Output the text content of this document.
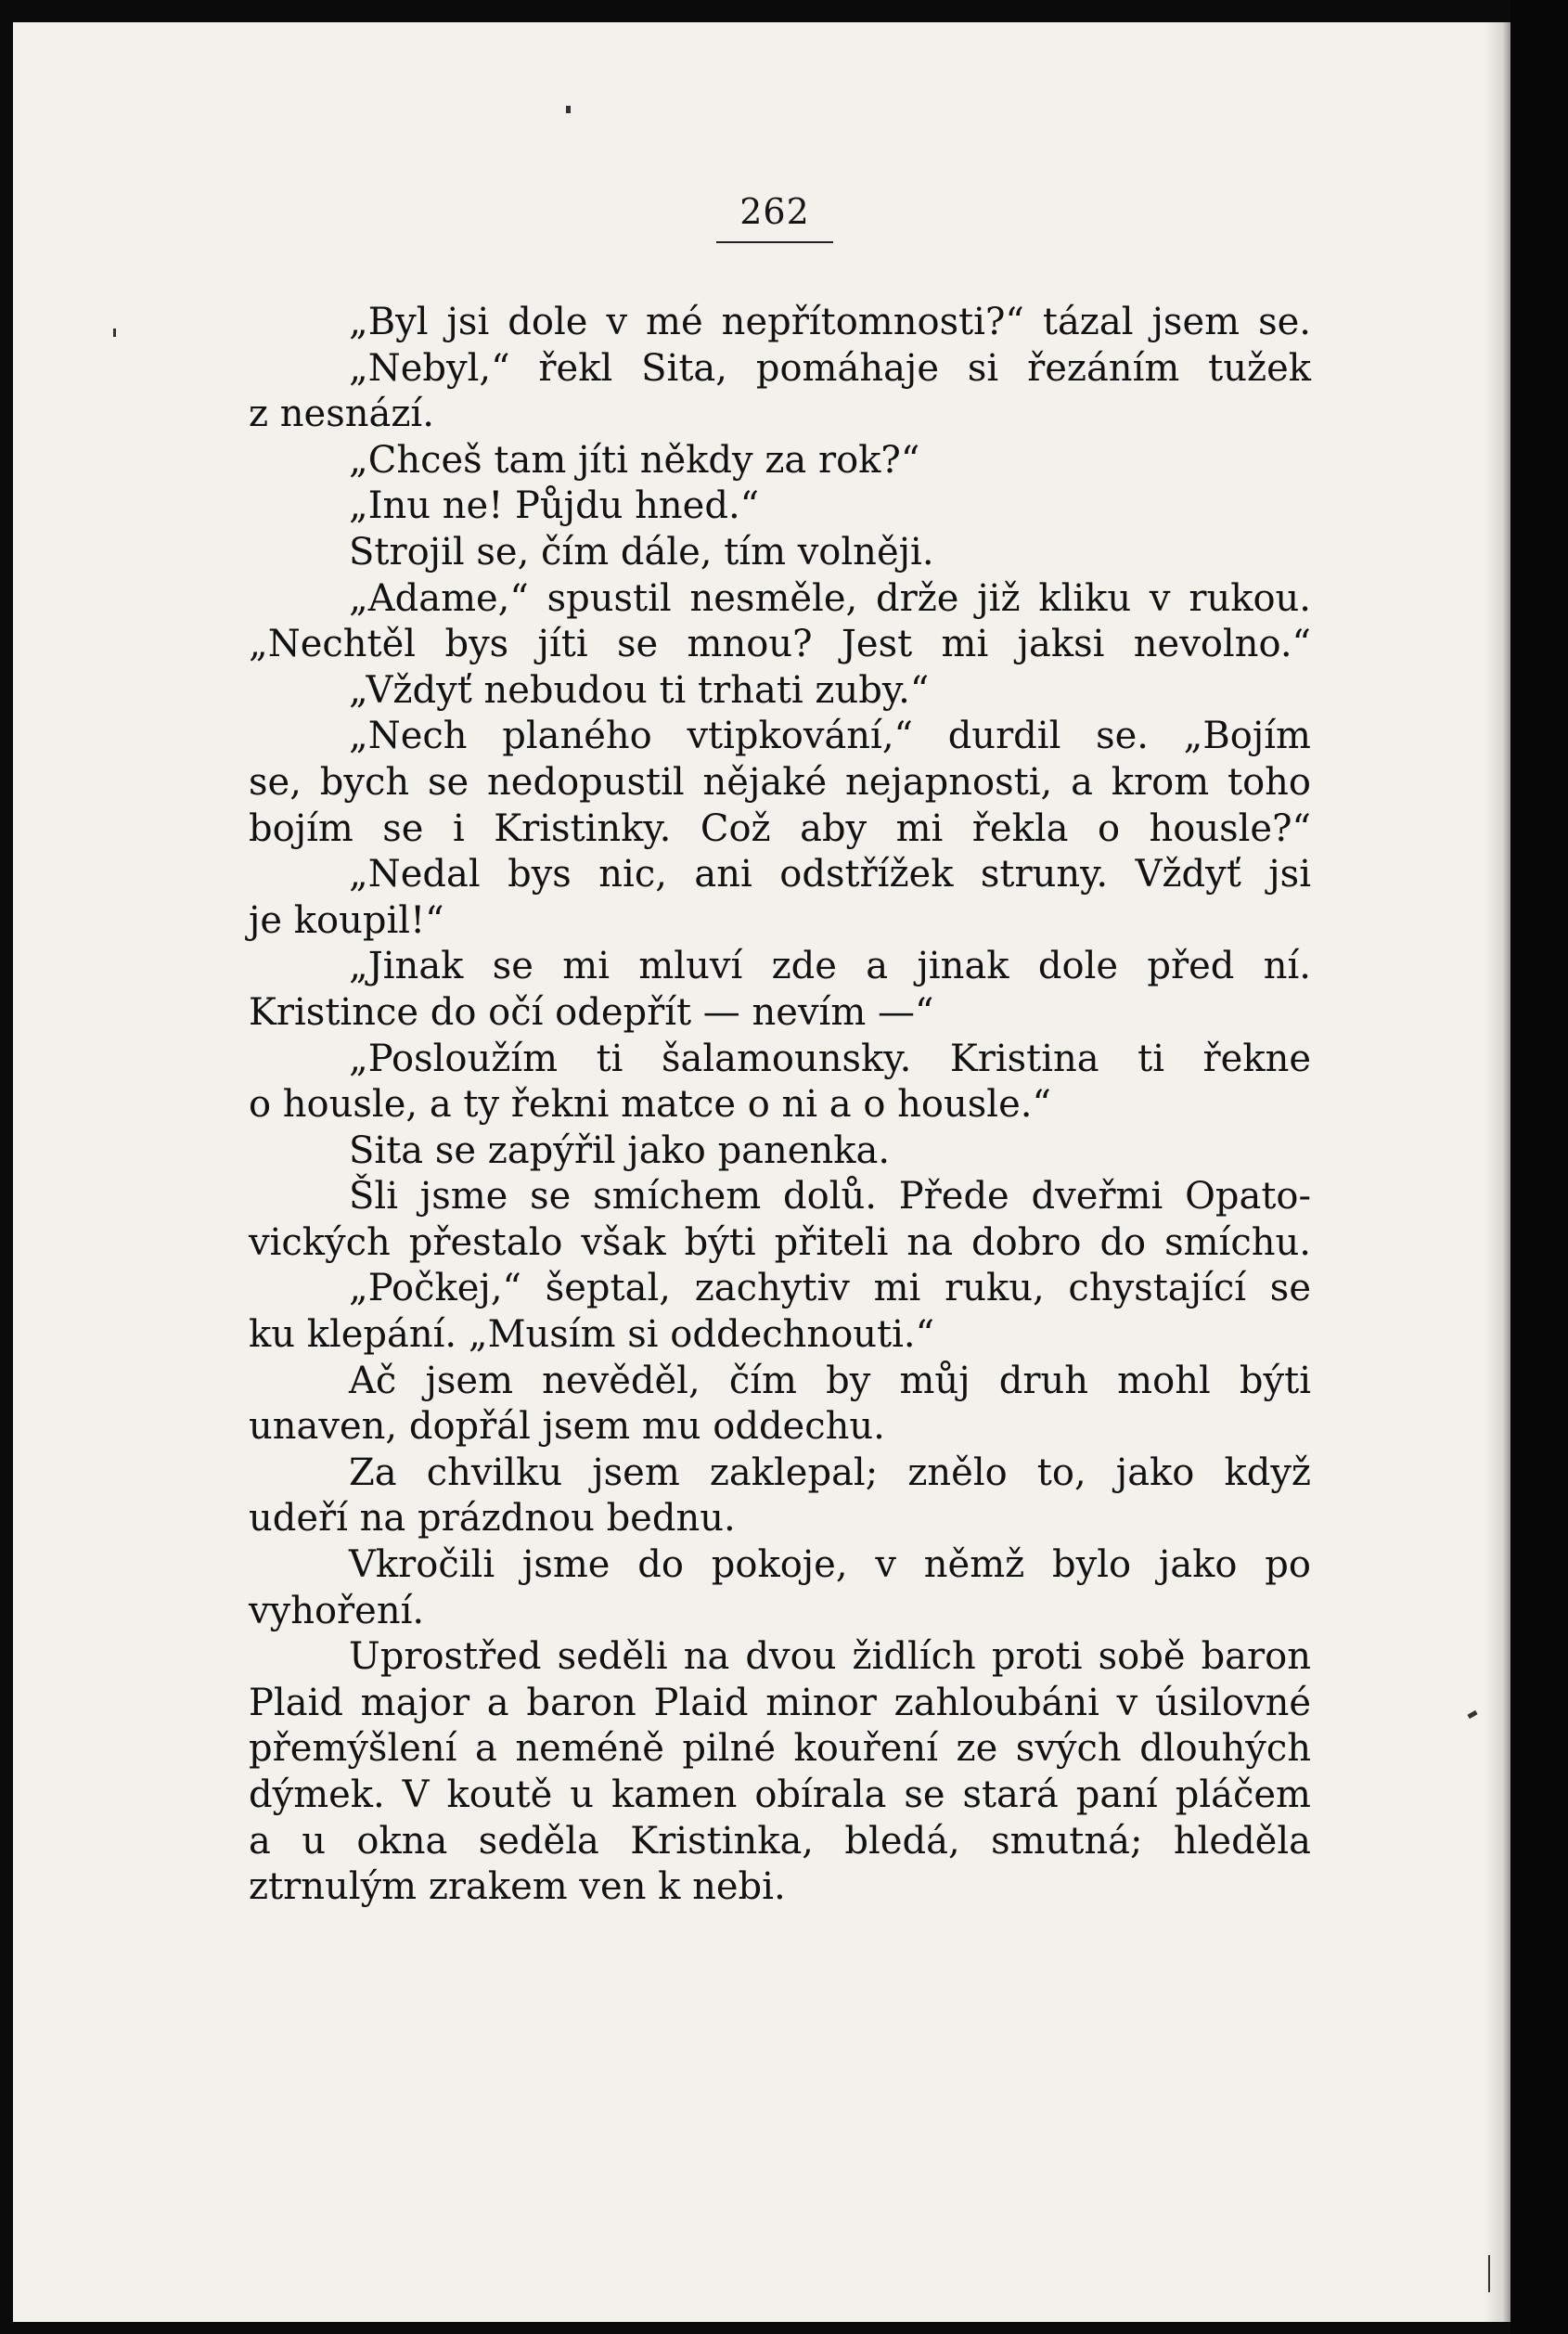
262
„Byl jsi dole v mé nepřítomnosti?“ tázal jsem se.
„Nebyl,“ řekl Sita, pomáhaje si řezáním tužek
z nesnází.
„Chceš tam jíti někdy za rok?“
„Inu ne! Půjdu hned.“
Strojil se, čím dále, tím volněji.
„Adame,“ spustil nesměle, drže již kliku v rukou.
„Nechtěl bys jíti se mnou? Jest mi jaksi nevolno.“
„Vždyť nebudou ti trhati zuby.“
„Nech planého vtipkování,“ durdil se. „Bojím
se, bych se nedopustil nějaké nejapnosti, a krom toho
bojím se i Kristinky. Což aby mi řekla o housle?“
„Nedal bys nic, ani odstřížek struny. Vždyť jsi
je koupil!“
„Jinak se mi mluví zde a jinak dole před ní.
Kristince do očí odepřít — nevím —“
„Posloužím ti šalamounsky. Kristina ti řekne
o housle, a ty řekni matce o ni a o housle.“
Sita se zapýřil jako panenka.
Šli jsme se smíchem dolů. Přede dveřmi Opato-
vických přestalo však býti přiteli na dobro do smíchu.
„Počkej,“ šeptal, zachytiv mi ruku, chystající se
ku klepání. „Musím si oddechnouti.“
Ač jsem nevěděl, čím by můj druh mohl býti
unaven, dopřál jsem mu oddechu.
Za chvilku jsem zaklepal; znělo to, jako když
udeří na prázdnou bednu.
Vkročili jsme do pokoje, v němž bylo jako po
vyhoření.
Uprostřed seděli na dvou židlích proti sobě baron
Plaid major a baron Plaid minor zahloubáni v úsilovné
přemýšlení a neméně pilné kouření ze svých dlouhých
dýmek. V koutě u kamen obírala se stará paní pláčem
a u okna seděla Kristinka, bledá, smutná; hleděla
ztrnulým zrakem ven k nebi.
